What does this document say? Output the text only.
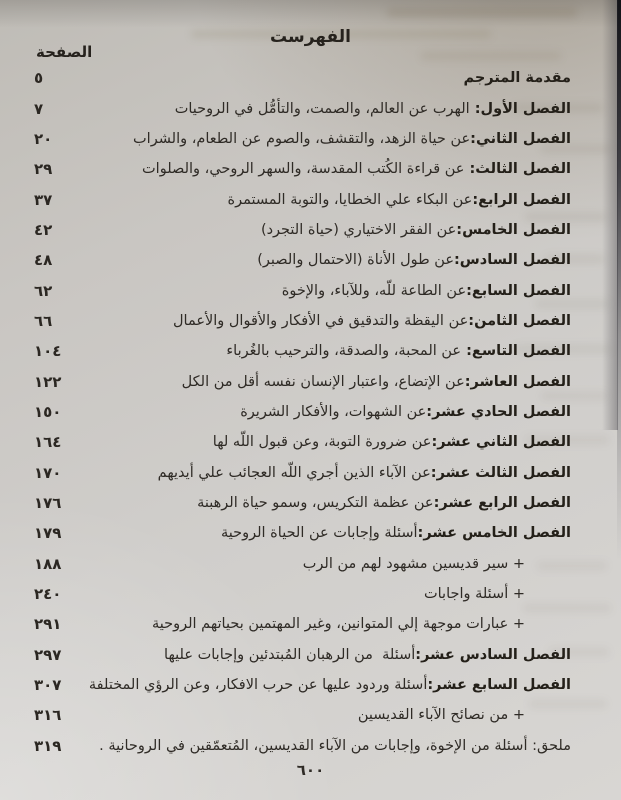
الفهرست
الصفحة
مقدمة المترجم
٥
الفصل الأول: الهرب عن العالم، والصمت، والتأمُّل في الروحيات
٧
الفصل الثاني:عن حياة الزهد، والتقشف، والصوم عن الطعام، والشراب
٢٠
الفصل الثالث: عن قراءة الكُتب المقدسة، والسهر الروحي، والصلوات
٢٩
الفصل الرابع:عن البكاء علي الخطايا، والتوبة المستمرة
٣٧
الفصل الخامس:عن الفقر الاختياري (حياة التجرد)
٤٢
الفصل السادس:عن طول الأناة (الاحتمال والصبر)
٤٨
الفصل السابع:عن الطاعة للّه، وللآباء، والإخوة
٦٢
الفصل الثامن:عن اليقظة والتدقيق في الأفكار والأقوال والأعمال
٦٦
الفصل التاسع: عن المحبة، والصدقة، والترحيب بالغُرباء
١٠٤
الفصل العاشر:عن الإتضاع، واعتبار الإنسان نفسه أقل من الكل
١٢٢
الفصل الحادي عشر:عن الشهوات، والأفكار الشريرة
١٥٠
الفصل الثاني عشر:عن ضرورة التوبة، وعن قبول اللّه لها
١٦٤
الفصل الثالث عشر:عن الآباء الذين أجري اللّه العجائب علي أيديهم
١٧٠
الفصل الرابع عشر:عن عظمة التكريس، وسمو حياة الرهبنة
١٧٦
الفصل الخامس عشر:أسئلة وإجابات عن الحياة الروحية
١٧٩
+ سير قديسين مشهود لهم من الرب
١٨٨
+ أسئلة واجابات
٢٤٠
+ عبارات موجهة إلي المتوانين، وغير المهتمين بحياتهم الروحية
٢٩١
الفصل السادس عشر:أسئلة  من الرهبان المُبتدئين وإجابات عليها
٢٩٧
الفصل السابع عشر:أسئلة وردود عليها عن حرب الافكار، وعن الرؤي المختلفة
٣٠٧
+ من نصائح الآباء القديسين
٣١٦
ملحق: أسئلة من الإخوة، وإجابات من الآباء القديسين، المُتعمّقين في الروحانية .
٣١٩
٦٠٠
